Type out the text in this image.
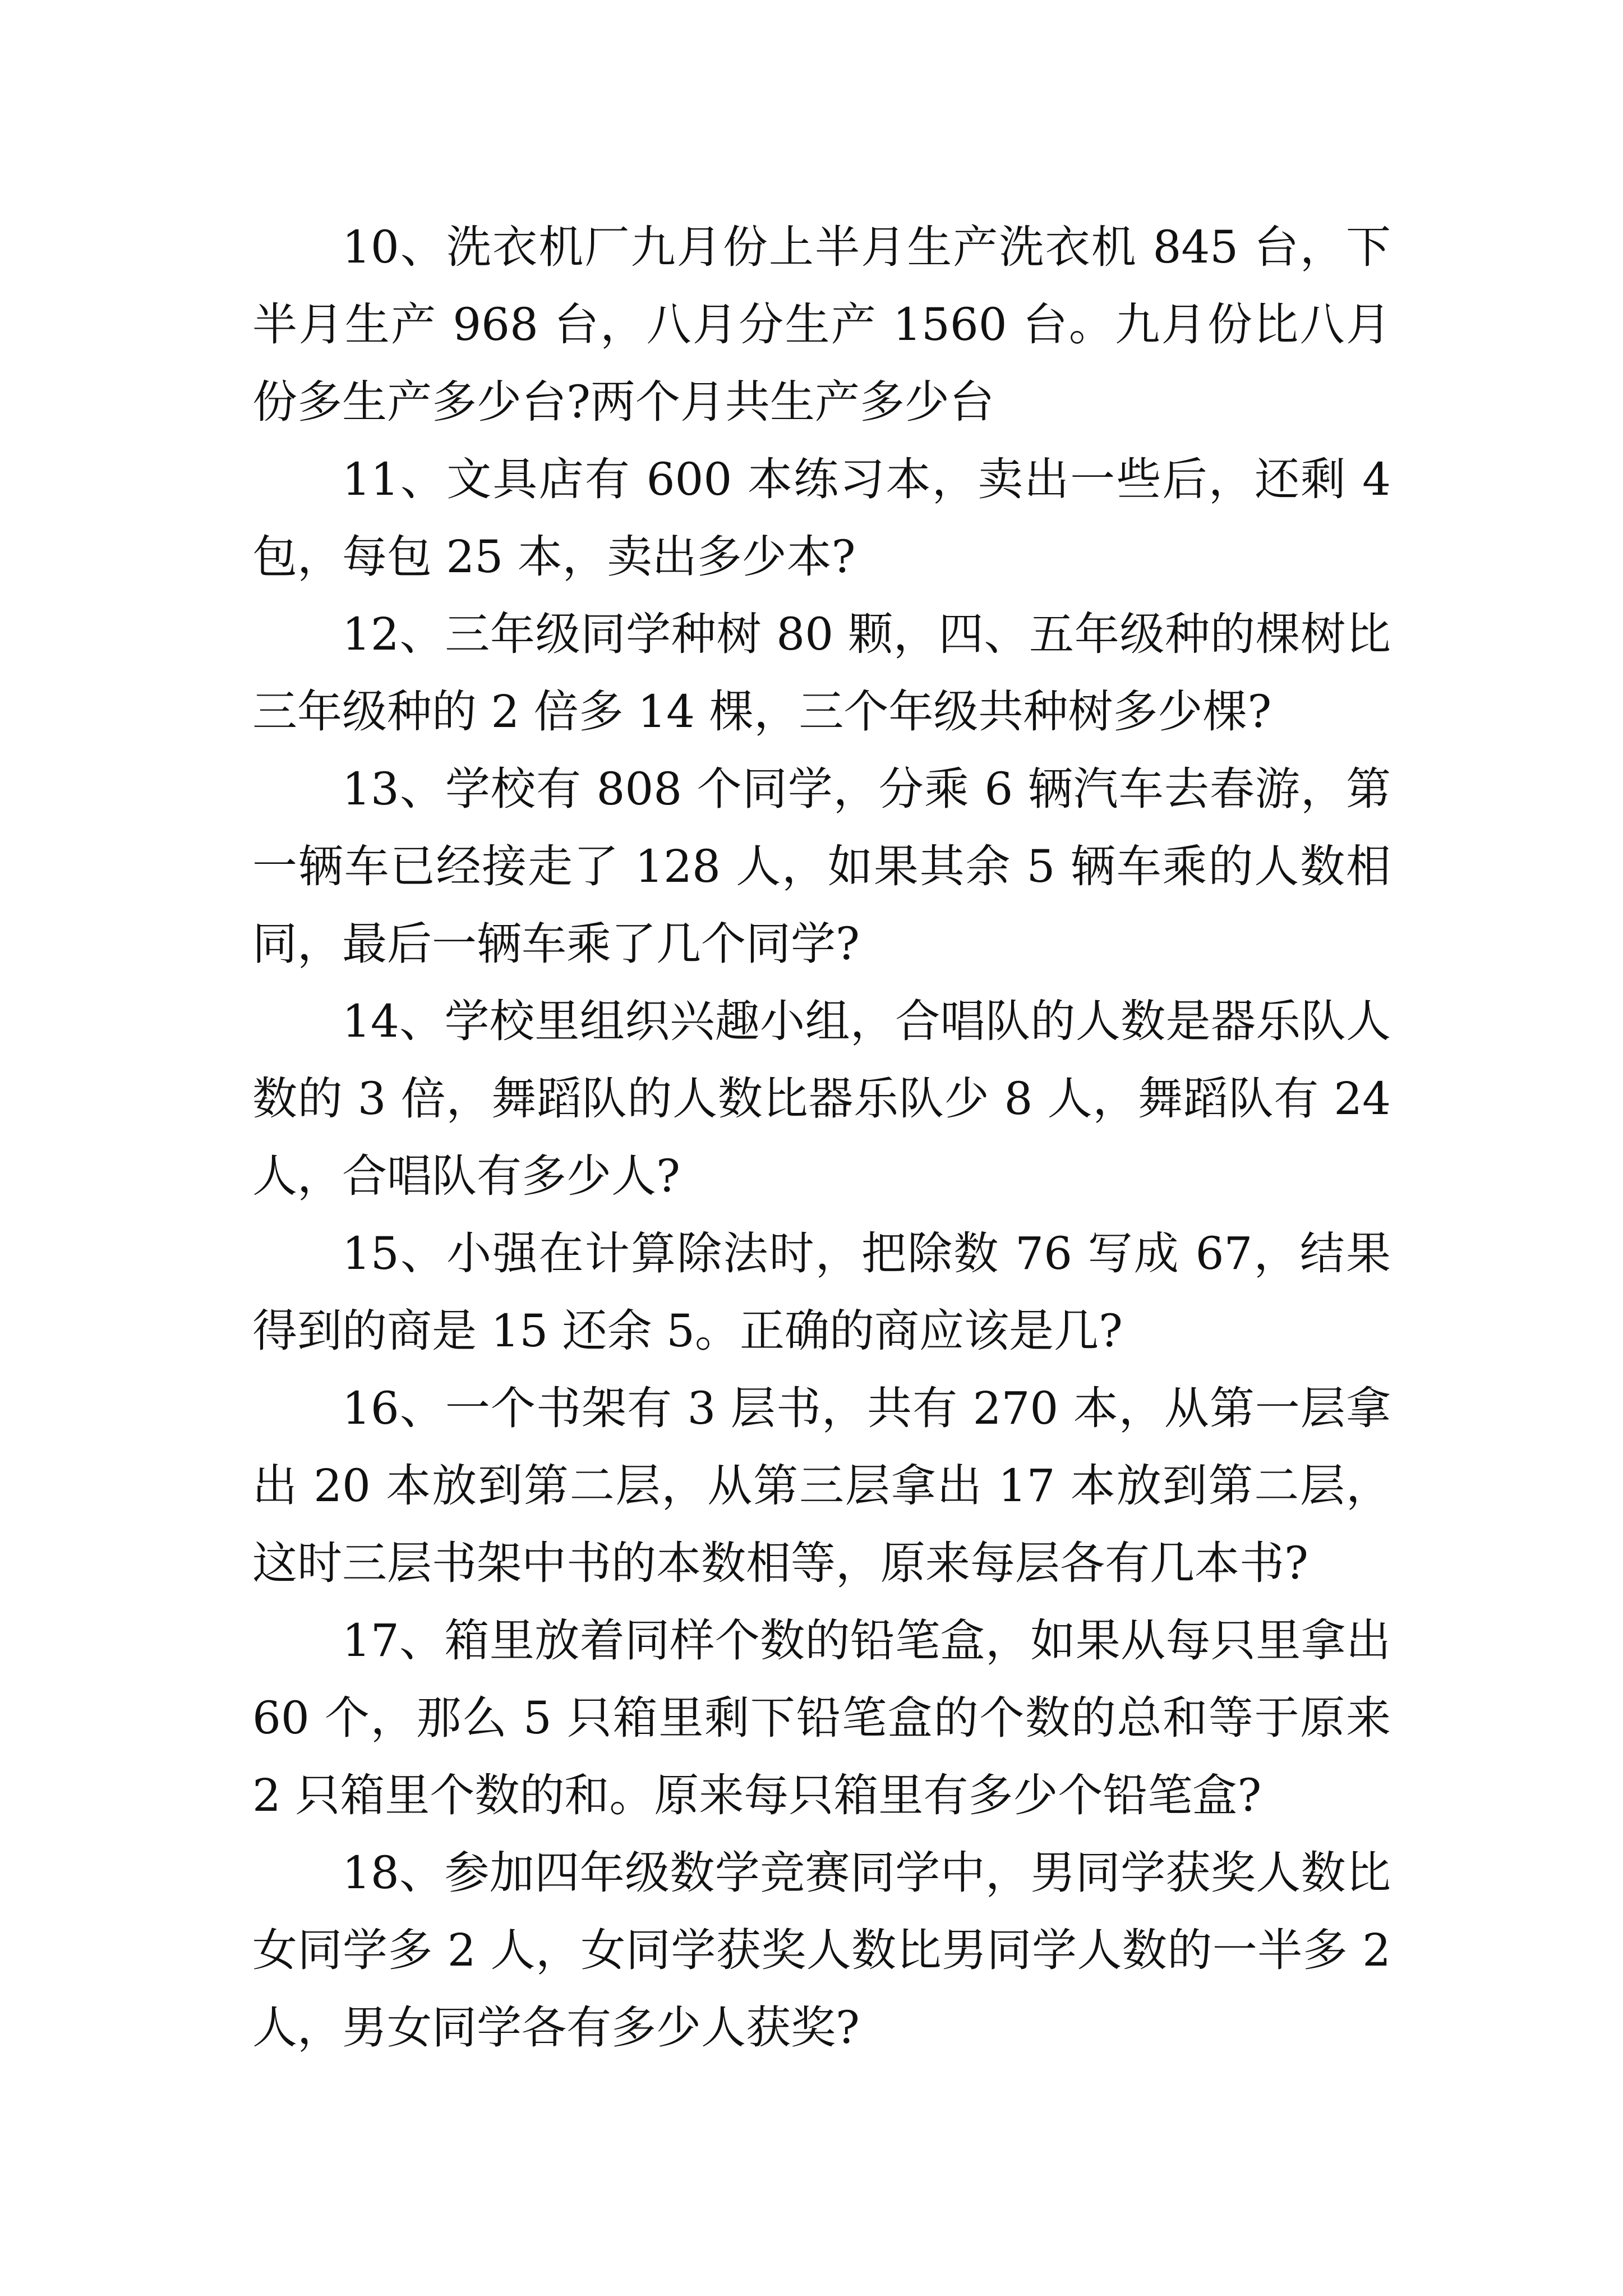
10、洗衣机厂九月份上半月生产洗衣机 845 台，下半月生产 968 台，八月分生产 1560 台。九月份比八月份多生产多少台?两个月共生产多少台

11、文具店有 600 本练习本，卖出一些后，还剩 4 包，每包 25 本，卖出多少本?

12、三年级同学种树 80 颗，四、五年级种的棵树比三年级种的 2 倍多 14 棵，三个年级共种树多少棵?

13、学校有 808 个同学，分乘 6 辆汽车去春游，第一辆车已经接走了 128 人，如果其余 5 辆车乘的人数相同，最后一辆车乘了几个同学?

14、学校里组织兴趣小组，合唱队的人数是器乐队人数的 3 倍，舞蹈队的人数比器乐队少 8 人，舞蹈队有 24 人，合唱队有多少人?

15、小强在计算除法时，把除数 76 写成 67，结果得到的商是 15 还余 5。正确的商应该是几?

16、一个书架有 3 层书，共有 270 本，从第一层拿出 20 本放到第二层，从第三层拿出 17 本放到第二层，这时三层书架中书的本数相等，原来每层各有几本书?

17、箱里放着同样个数的铅笔盒，如果从每只里拿出 60 个，那么 5 只箱里剩下铅笔盒的个数的总和等于原来 2 只箱里个数的和。原来每只箱里有多少个铅笔盒?

18、参加四年级数学竞赛同学中，男同学获奖人数比女同学多 2 人，女同学获奖人数比男同学人数的一半多 2 人，男女同学各有多少人获奖?
